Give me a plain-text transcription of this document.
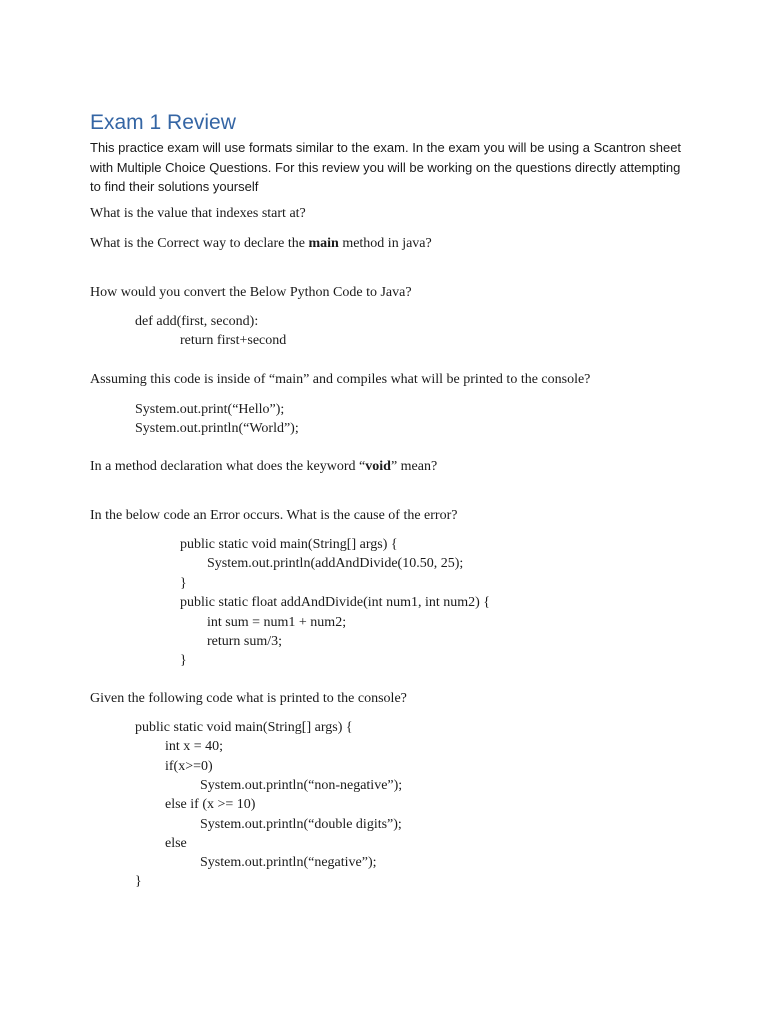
Exam 1 Review
This practice exam will use formats similar to the exam. In the exam you will be using a Scantron sheet
with Multiple Choice Questions. For this review you will be working on the questions directly attempting
to find their solutions yourself
What is the value that indexes start at?
What is the Correct way to declare the main method in java?
How would you convert the Below Python Code to Java?
def add(first, second):
return first+second
Assuming this code is inside of “main” and compiles what will be printed to the console?
System.out.print(“Hello”);
System.out.println(“World”);
In a method declaration what does the keyword “void” mean?
In the below code an Error occurs. What is the cause of the error?
public static void main(String[] args) {
System.out.println(addAndDivide(10.50, 25);
}
public static float addAndDivide(int num1, int num2) {
int sum = num1 + num2;
return sum/3;
}
Given the following code what is printed to the console?
public static void main(String[] args) {
int x = 40;
if(x>=0)
System.out.println(“non-negative”);
else if (x >= 10)
System.out.println(“double digits”);
else
System.out.println(“negative”);
}
